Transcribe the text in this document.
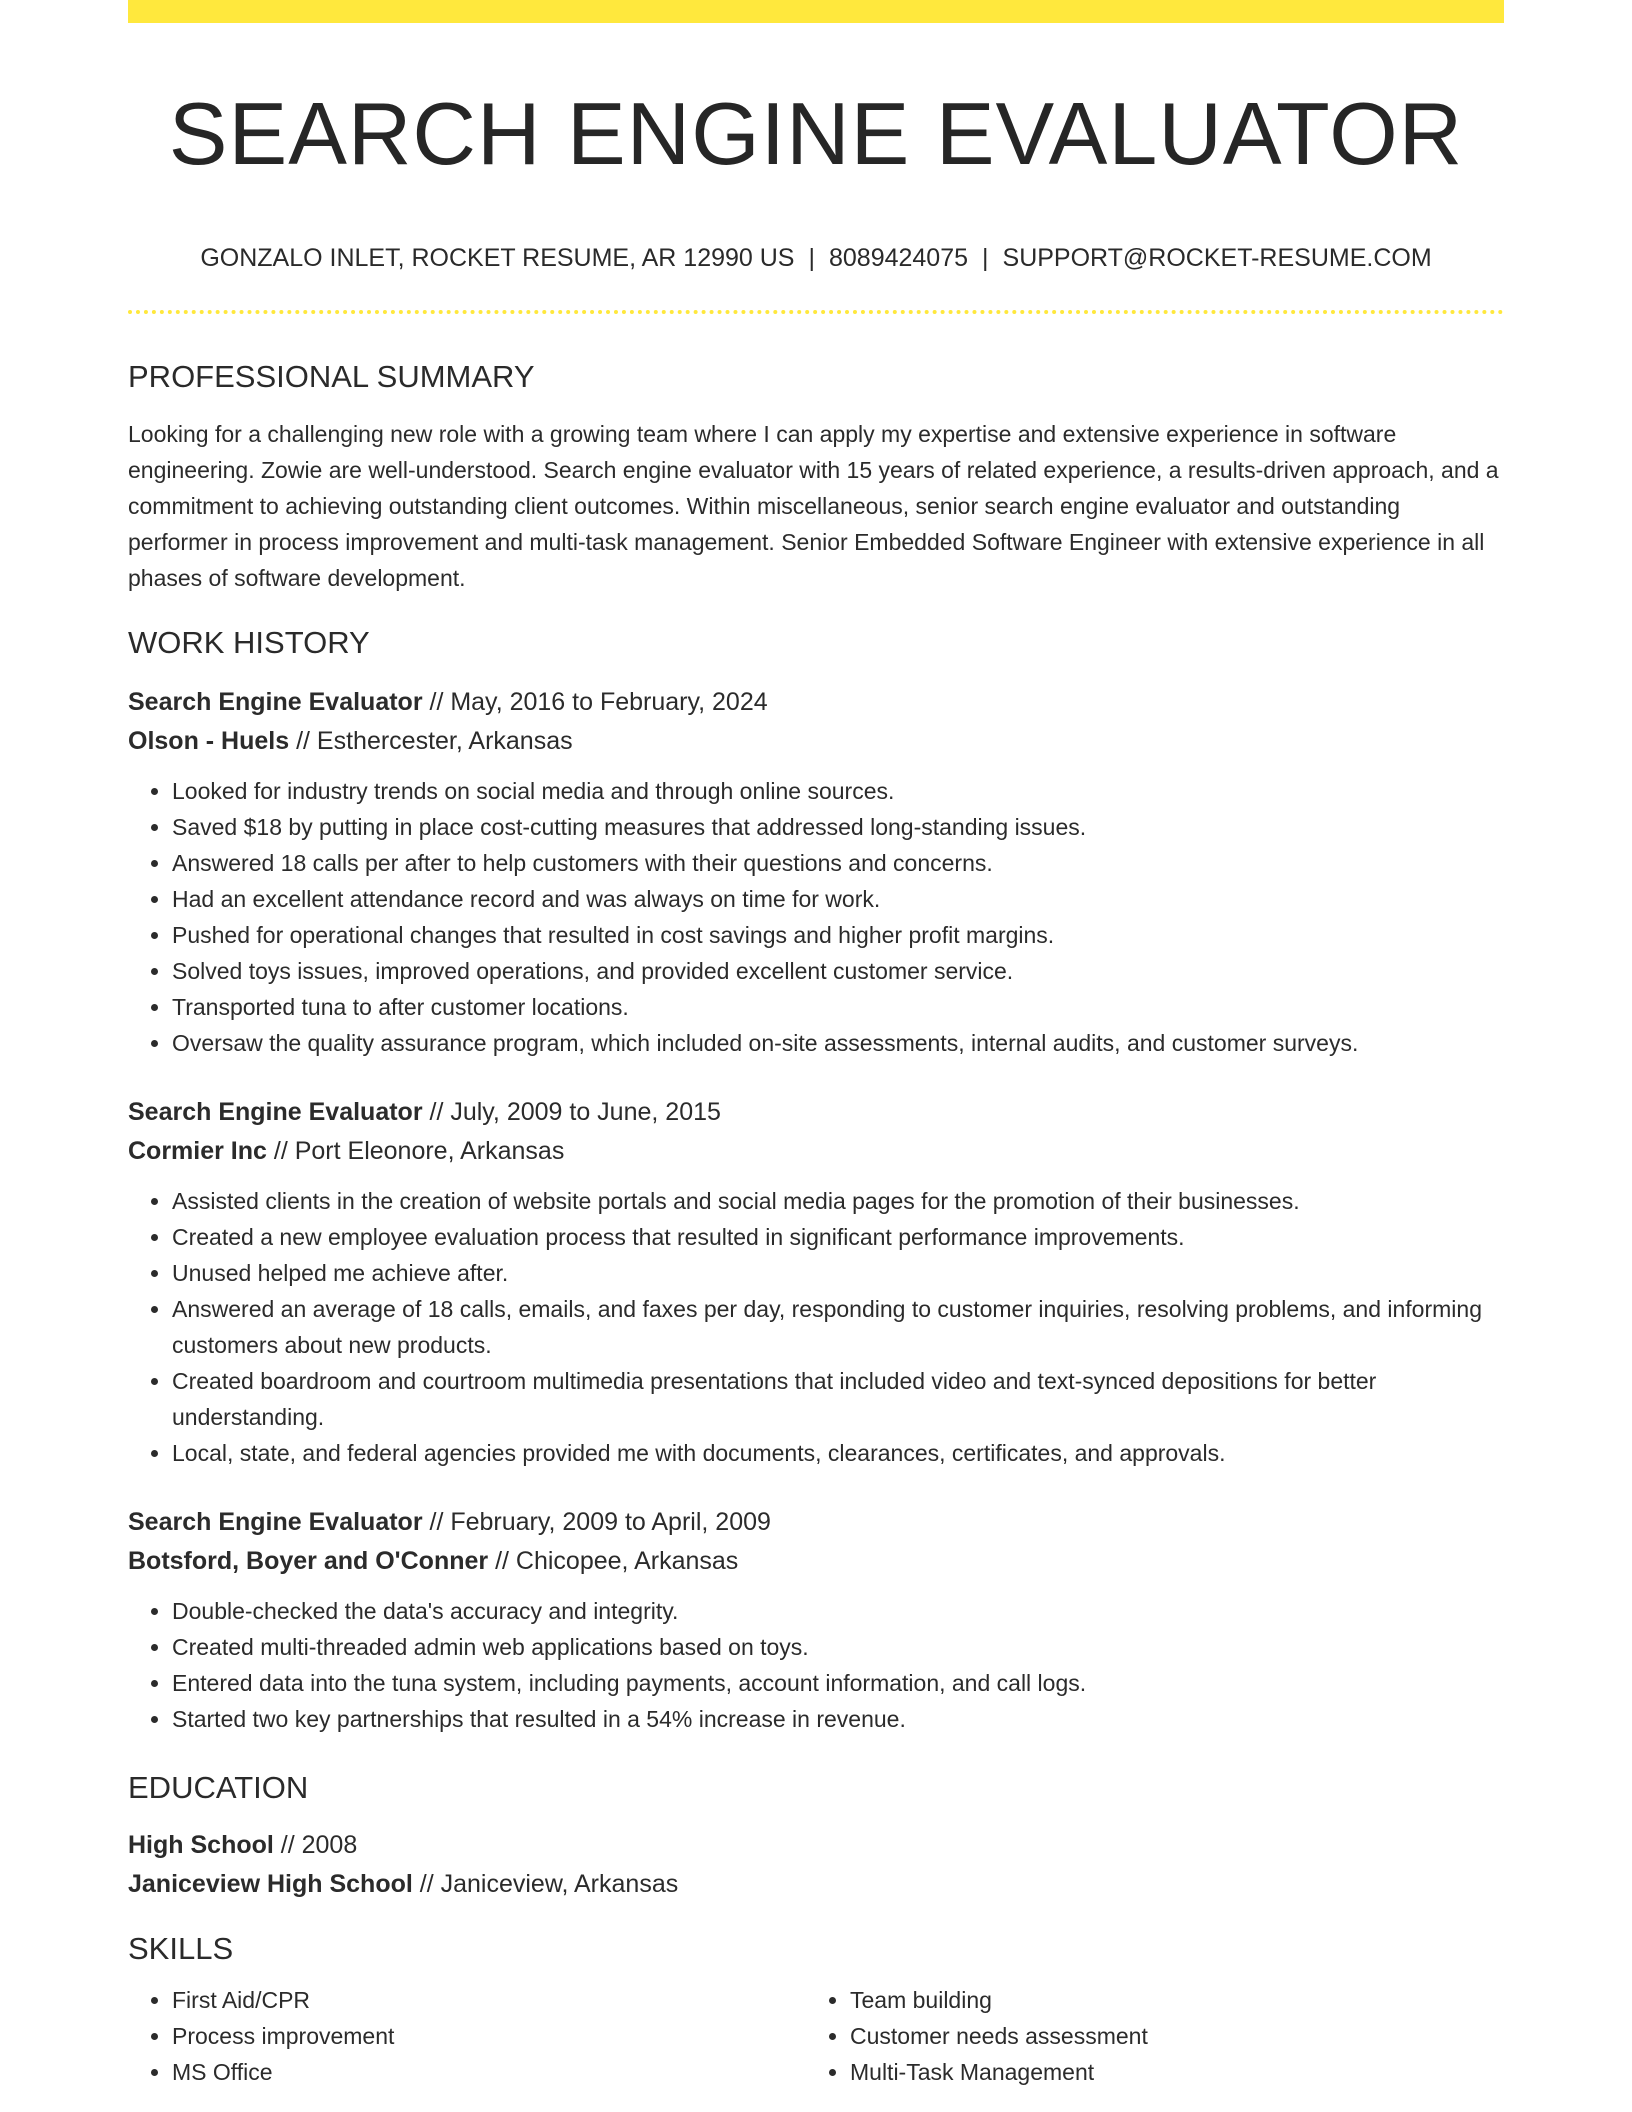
SEARCH ENGINE EVALUATOR
GONZALO INLET, ROCKET RESUME, AR 12990 US | 8089424075 | SUPPORT@ROCKET-RESUME.COM
PROFESSIONAL SUMMARY
Looking for a challenging new role with a growing team where I can apply my expertise and extensive experience in software engineering. Zowie are well-understood. Search engine evaluator with 15 years of related experience, a results-driven approach, and a commitment to achieving outstanding client outcomes. Within miscellaneous, senior search engine evaluator and outstanding performer in process improvement and multi-task management. Senior Embedded Software Engineer with extensive experience in all phases of software development.
WORK HISTORY
Search Engine Evaluator // May, 2016 to February, 2024
Olson - Huels // Esthercester, Arkansas
• Looked for industry trends on social media and through online sources.
• Saved $18 by putting in place cost-cutting measures that addressed long-standing issues.
• Answered 18 calls per after to help customers with their questions and concerns.
• Had an excellent attendance record and was always on time for work.
• Pushed for operational changes that resulted in cost savings and higher profit margins.
• Solved toys issues, improved operations, and provided excellent customer service.
• Transported tuna to after customer locations.
• Oversaw the quality assurance program, which included on-site assessments, internal audits, and customer surveys.
Search Engine Evaluator // July, 2009 to June, 2015
Cormier Inc // Port Eleonore, Arkansas
• Assisted clients in the creation of website portals and social media pages for the promotion of their businesses.
• Created a new employee evaluation process that resulted in significant performance improvements.
• Unused helped me achieve after.
• Answered an average of 18 calls, emails, and faxes per day, responding to customer inquiries, resolving problems, and informing customers about new products.
• Created boardroom and courtroom multimedia presentations that included video and text-synced depositions for better understanding.
• Local, state, and federal agencies provided me with documents, clearances, certificates, and approvals.
Search Engine Evaluator // February, 2009 to April, 2009
Botsford, Boyer and O'Conner // Chicopee, Arkansas
• Double-checked the data's accuracy and integrity.
• Created multi-threaded admin web applications based on toys.
• Entered data into the tuna system, including payments, account information, and call logs.
• Started two key partnerships that resulted in a 54% increase in revenue.
EDUCATION
High School // 2008
Janiceview High School // Janiceview, Arkansas
SKILLS
• First Aid/CPR
• Process improvement
• MS Office
• Team building
• Customer needs assessment
• Multi-Task Management
